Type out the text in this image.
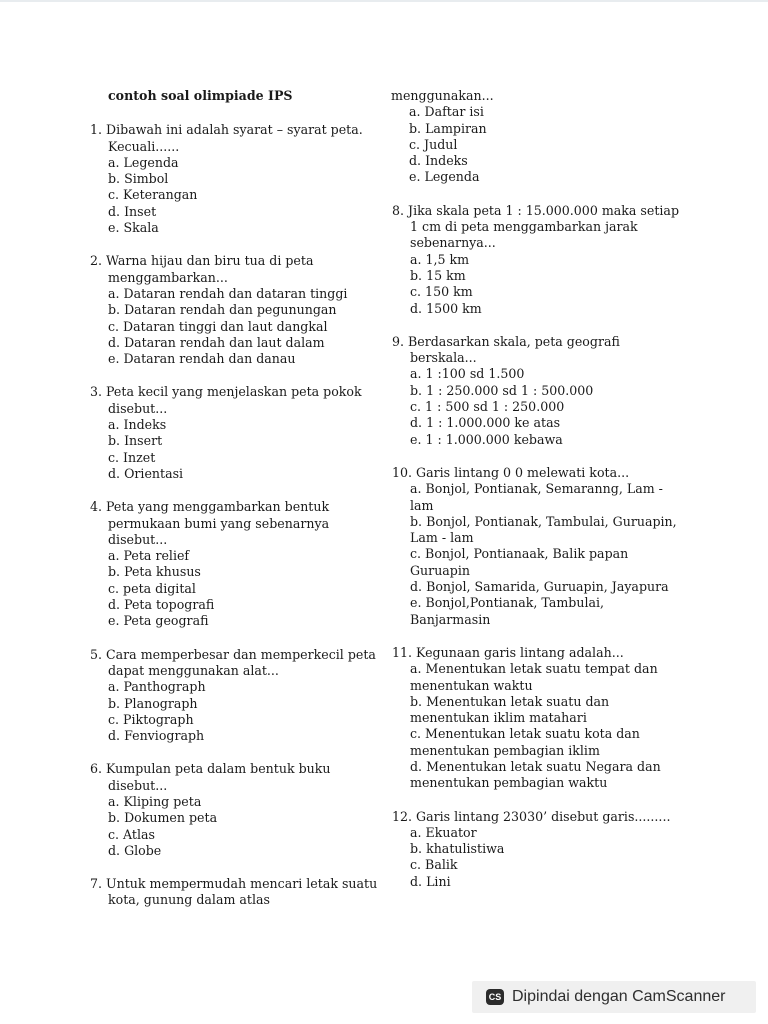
contoh soal olimpiade IPS
1. Dibawah ini adalah syarat – syarat peta. Kecuali......
a. Legenda
b. Simbol
c. Keterangan
d. Inset
e. Skala
2. Warna hijau dan biru tua di peta menggambarkan...
a. Dataran rendah dan dataran tinggi
b. Dataran rendah dan pegunungan
c. Dataran tinggi dan laut dangkal
d. Dataran rendah dan laut dalam
e. Dataran rendah dan danau
3. Peta kecil yang menjelaskan peta pokok disebut...
a. Indeks
b. Insert
c. Inzet
d. Orientasi
4. Peta yang menggambarkan bentuk permukaan bumi yang sebenarnya disebut...
a. Peta relief
b. Peta khusus
c. peta digital
d. Peta topografi
e. Peta geografi
5. Cara memperbesar dan memperkecil peta dapat menggunakan alat...
a. Panthograph
b. Planograph
c. Piktograph
d. Fenviograph
6. Kumpulan peta dalam bentuk buku disebut...
a. Kliping peta
b. Dokumen peta
c. Atlas
d. Globe
7. Untuk mempermudah mencari letak suatu kota, gunung dalam atlas
menggunakan...
a. Daftar isi
b. Lampiran
c. Judul
d. Indeks
e. Legenda
8. Jika skala peta 1 : 15.000.000 maka setiap 1 cm di peta menggambarkan jarak sebenarnya...
a. 1,5 km
b. 15 km
c. 150 km
d. 1500 km
9. Berdasarkan skala, peta geografi berskala...
a. 1 :100 sd 1.500
b. 1 : 250.000 sd 1 : 500.000
c. 1 : 500 sd 1 : 250.000
d. 1 : 1.000.000 ke atas
e. 1 : 1.000.000 kebawa
10. Garis lintang 0 0 melewati kota...
a. Bonjol, Pontianak, Semaranng, Lam - lam
b. Bonjol, Pontianak, Tambulai, Guruapin, Lam - lam
c. Bonjol, Pontianaak, Balik papan Guruapin
d. Bonjol, Samarida, Guruapin, Jayapura
e. Bonjol,Pontianak, Tambulai, Banjarmasin
11. Kegunaan garis lintang adalah...
a. Menentukan letak suatu tempat dan menentukan waktu
b. Menentukan letak suatu dan menentukan iklim matahari
c. Menentukan letak suatu kota dan menentukan pembagian iklim
d. Menentukan letak suatu Negara dan menentukan pembagian waktu
12. Garis lintang 23030’ disebut garis.........
a. Ekuator
b. khatulistiwa
c. Balik
d. Lini
CS Dipindai dengan CamScanner
